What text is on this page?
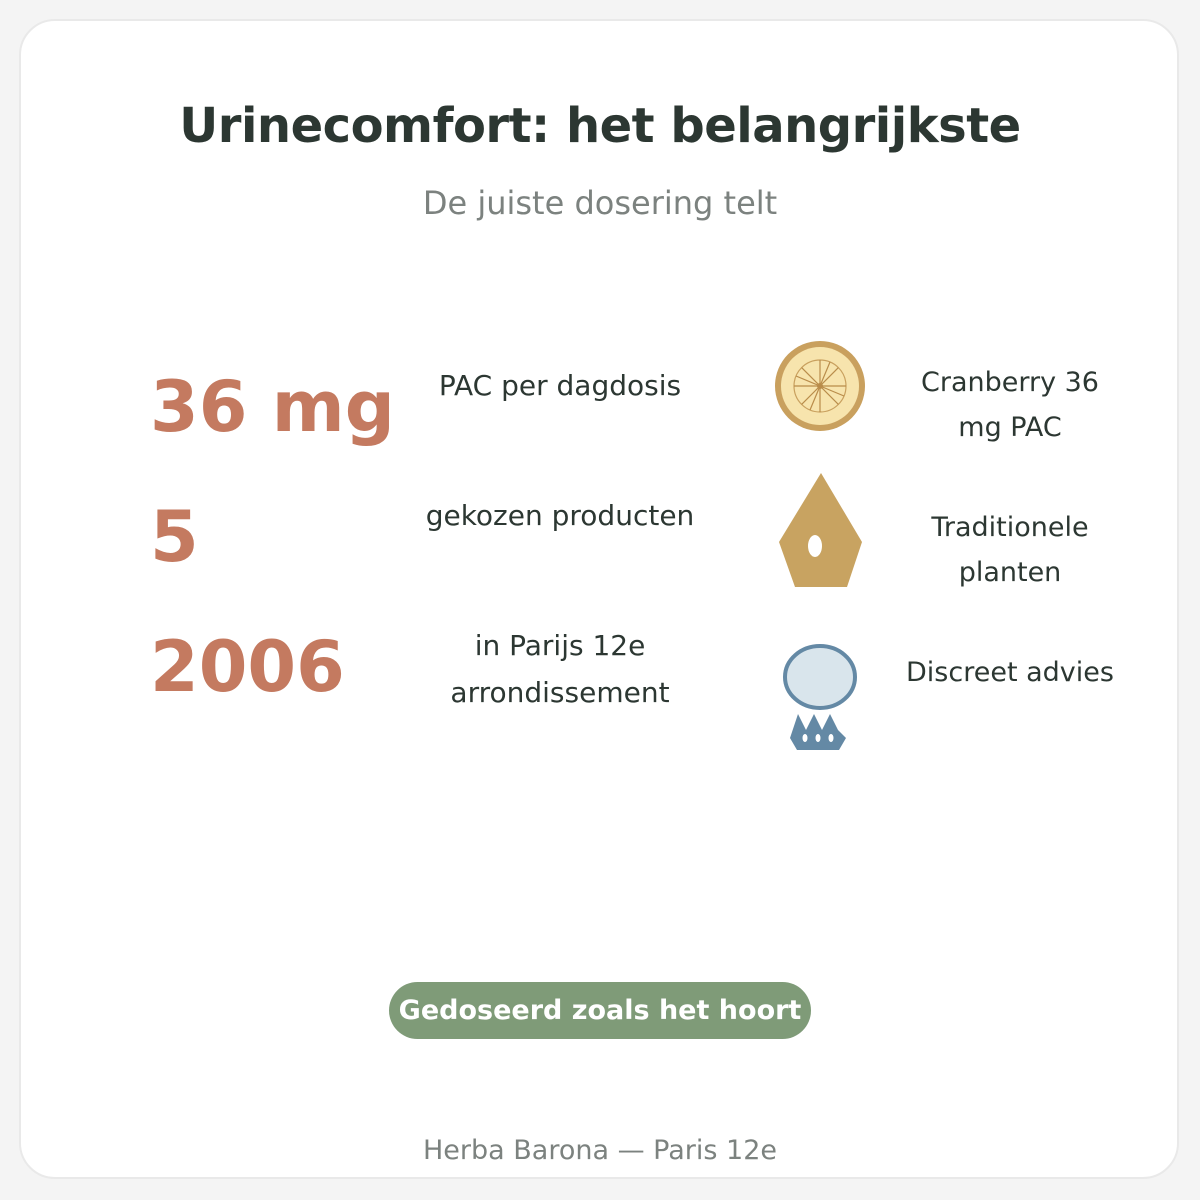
Urinecomfort: het belangrijkste
De juiste dosering telt
36 mg	PAC per dagdosis
5	gekozen producten
2006	in Parijs 12e arrondissement
Cranberry 36 mg PAC
Traditionele planten
Discreet advies
Gedoseerd zoals het hoort
Herba Barona — Paris 12e
